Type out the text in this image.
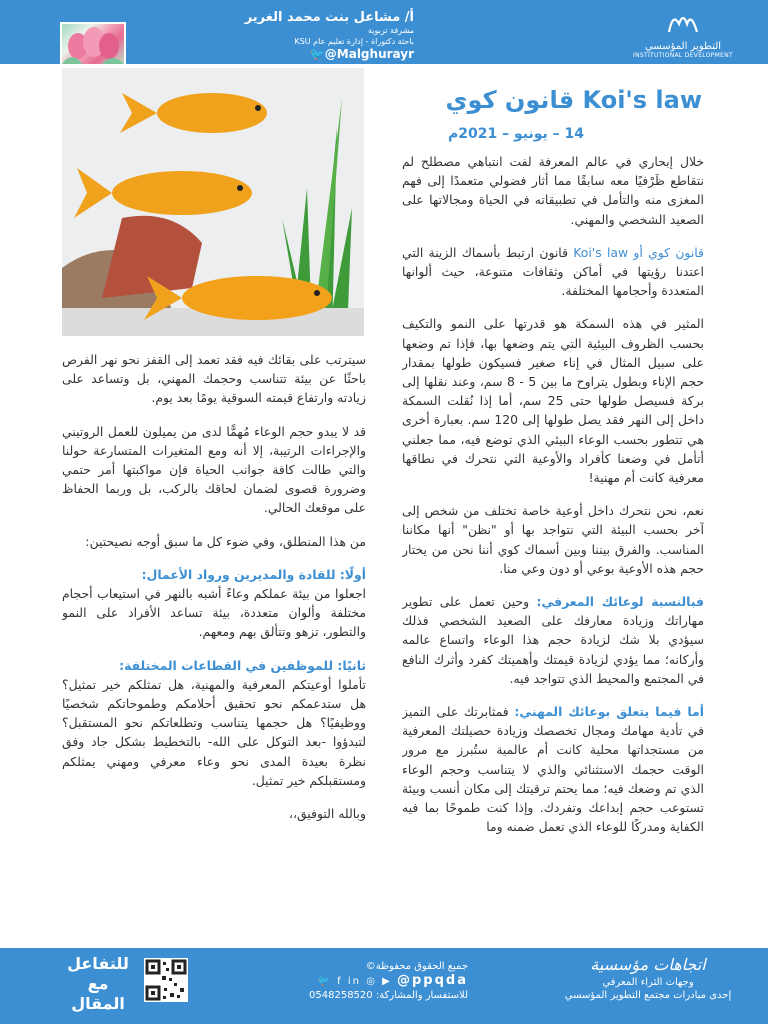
التطوير المؤسسي
INSTITUTIONAL DEVELOPMENT
أ/ مشاعل بنت محمد الغرير
مشرفة تربوية
باحثة دكتوراة - إدارة تعليم عام KSU
🐦@Malghurayr
قانون كوي Koi's law
14 – يونيو – 2021م

خلال إبحاري في عالم المعرفة لفت انتباهي مصطلح لم نتقاطع ظَرْفيًا معه سابقًا مما أثار فضولي متعمدًا إلى فهم المغزى منه والتأمل في تطبيقاته في الحياة ومجالاتها على الصعيد الشخصي والمهني.

قانون كوي أو Koi's law قانون ارتبط بأسماك الزينة التي اعتدنا رؤيتها في أماكن وثقافات متنوعة، حيث ألوانها المتعددة وأحجامها المختلفة.

المثير في هذه السمكة هو قدرتها على النمو والتكيف بحسب الظروف البيئية التي يتم وضعها بها، فإذا تم وضعها على سبيل المثال في إناء صغير فسيكون طولها بمقدار حجم الإناء وبطول يتراوح ما بين 5 - 8 سم، وعند نقلها إلى بركة فسيصل طولها حتى 25 سم، أما إذا نُقلت السمكة داخل إلى النهر فقد يصل طولها إلى 120 سم. بعبارة أخرى هي تتطور بحسب الوعاء البيئي الذي توضع فيه، مما جعلني أتأمل في وضعنا كأفراد والأوعية التي نتحرك في نطاقها معرفية كانت أم مهنية!

نعم، نحن نتحرك داخل أوعية خاصة تختلف من شخص إلى آخر بحسب البيئة التي نتواجد بها أو "نظن" أنها مكاننا المناسب. والفرق بيننا وبين أسماك كوي أننا نحن من يختار حجم هذه الأوعية بوعي أو دون وعي منا.

فبالنسبة لوعائك المعرفي: وحين تعمل على تطوير مهاراتك وزيادة معارفك على الصعيد الشخصي فذلك سيؤدي بلا شك لزيادة حجم هذا الوعاء واتساع عالمه وأركانه؛ مما يؤدي لزيادة قيمتك وأهميتك كفرد وأثرك النافع في المجتمع والمحيط الذي تتواجد فيه.

أما فيما يتعلق بوعائك المهني: فمثابرتك على التميز في تأدية مهامك ومجال تخصصك وزيادة حصيلتك المعرفية من مستجداتها محلية كانت أم عالمية ستُبرز مع مرور الوقت حجمك الاستثنائي والذي لا يتناسب وحجم الوعاء الذي تم وضعك فيه؛ مما يحتم ترقيتك إلى مكان أنسب وبيئة تستوعب حجم إبداعك وتفردك. وإذا كنت طموحًا بما فيه الكفاية ومدركًا للوعاء الذي تعمل ضمنه وما

سيترتب على بقائك فيه فقد تعمد إلى القفز نحو نهر الفرص باحثًا عن بيئة تتناسب وحجمك المهني، بل وتساعد على زيادته وارتفاع قيمته السوقية يومًا بعد يوم.

قد لا يبدو حجم الوعاء مُهمًّا لدى من يميلون للعمل الروتيني والإجراءات الرتيبة، إلا أنه ومع المتغيرات المتسارعة حولنا والتي طالت كافة جوانب الحياة فإن مواكبتها أمر حتمي وضرورة قصوى لضمان لحاقك بالركب، بل وربما الحفاظ على موقعك الحالي.

من هذا المنطلق، وفي ضوء كل ما سبق أوجه نصيحتين:

أولًا: للقادة والمديرين ورواد الأعمال:
اجعلوا من بيئة عملكم وعاءً أشبه بالنهر في استيعاب أحجام مختلفة وألوان متعددة، بيئة تساعد الأفراد على النمو والتطور، تزهو وتتألق بهم ومعهم.

ثانيًا: للموظفين في القطاعات المختلفة:
تأملوا أوعيتكم المعرفية والمهنية، هل تمثلكم خير تمثيل؟ هل ستدعمكم نحو تحقيق أحلامكم وطموحاتكم شخصيًا ووظيفيًا؟ هل حجمها يتناسب وتطلعاتكم نحو المستقبل؟ لتبدؤوا -بعد التوكل على الله- بالتخطيط بشكل جاد وفق نظرة بعيدة المدى نحو وعاء معرفي ومهني يمثلكم ومستقبلكم خير تمثيل.

وبالله التوفيق،،

اتجاهات مؤسسية
وجهات الثراء المعرفي
إحدى مبادرات مجتمع التطوير المؤسسي
جميع الحقوق محفوظة©
🐦 f in ◎ ▶ @ppqda
للاستفسار والمشاركة: 0548258520
للتفاعل
مع المقال
